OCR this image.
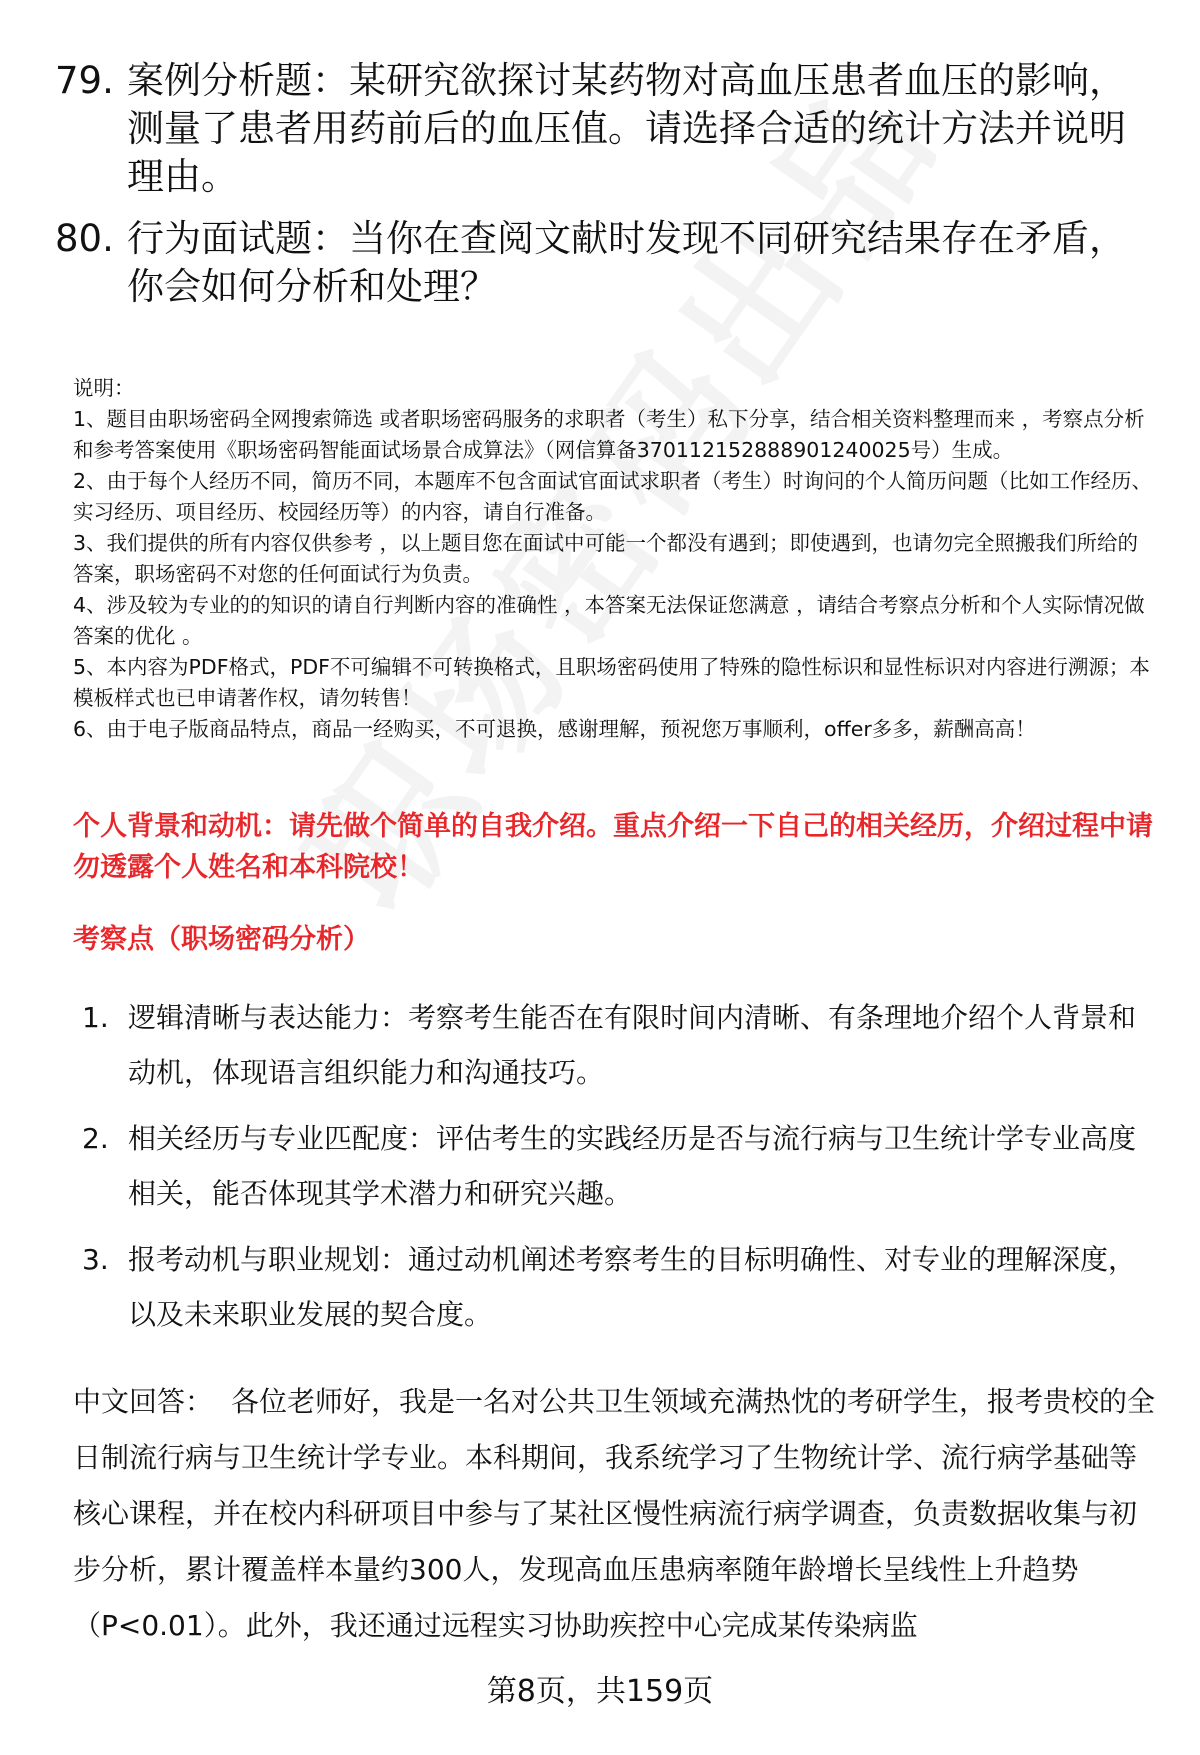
79. 案例分析题：某研究欲探讨某药物对高血压患者血压的影响，测量了患者用药前后的血压值。请选择合适的统计方法并说明理由。
80. 行为面试题：当你在查阅文献时发现不同研究结果存在矛盾，你会如何分析和处理？

说明：

1、题目由职场密码全网搜索筛选 或者职场密码服务的求职者（考生）私下分享，结合相关资料整理而来 ，考察点分析和参考答案使用《职场密码智能面试场景合成算法》（网信算备370112152888901240025号）生成。

2、由于每个人经历不同，简历不同，本题库不包含面试官面试求职者（考生）时询问的个人简历问题（比如工作经历、实习经历、项目经历、校园经历等）的内容，请自行准备。

3、我们提供的所有内容仅供参考 ，以上题目您在面试中可能一个都没有遇到；即使遇到，也请勿完全照搬我们所给的答案，职场密码不对您的任何面试行为负责。

4、涉及较为专业的的知识的请自行判断内容的准确性 ，本答案无法保证您满意 ，请结合考察点分析和个人实际情况做答案的优化 。

5、本内容为PDF格式，PDF不可编辑不可转换格式，且职场密码使用了特殊的隐性标识和显性标识对内容进行溯源；本模板样式也已申请著作权，请勿转售！

6、由于电子版商品特点，商品一经购买，不可退换，感谢理解，预祝您万事顺利，offer多多，薪酬高高！

个人背景和动机：请先做个简单的自我介绍。重点介绍一下自己的相关经历，介绍过程中请勿透露个人姓名和本科院校！
考察点（职场密码分析）
1. 逻辑清晰与表达能力：考察考生能否在有限时间内清晰、有条理地介绍个人背景和动机，体现语言组织能力和沟通技巧。
2. 相关经历与专业匹配度：评估考生的实践经历是否与流行病与卫生统计学专业高度相关，能否体现其学术潜力和研究兴趣。
3. 报考动机与职业规划：通过动机阐述考察考生的目标明确性、对专业的理解深度，以及未来职业发展的契合度。
中文回答： 各位老师好，我是一名对公共卫生领域充满热忱的考研学生，报考贵校的全日制流行病与卫生统计学专业。本科期间，我系统学习了生物统计学、流行病学基础等核心课程，并在校内科研项目中参与了某社区慢性病流行病学调查，负责数据收集与初步分析，累计覆盖样本量约300人，发现高血压患病率随年龄增长呈线性上升趋势（P<0.01）。此外，我还通过远程实习协助疾控中心完成某传染病监
第8页，共159页
